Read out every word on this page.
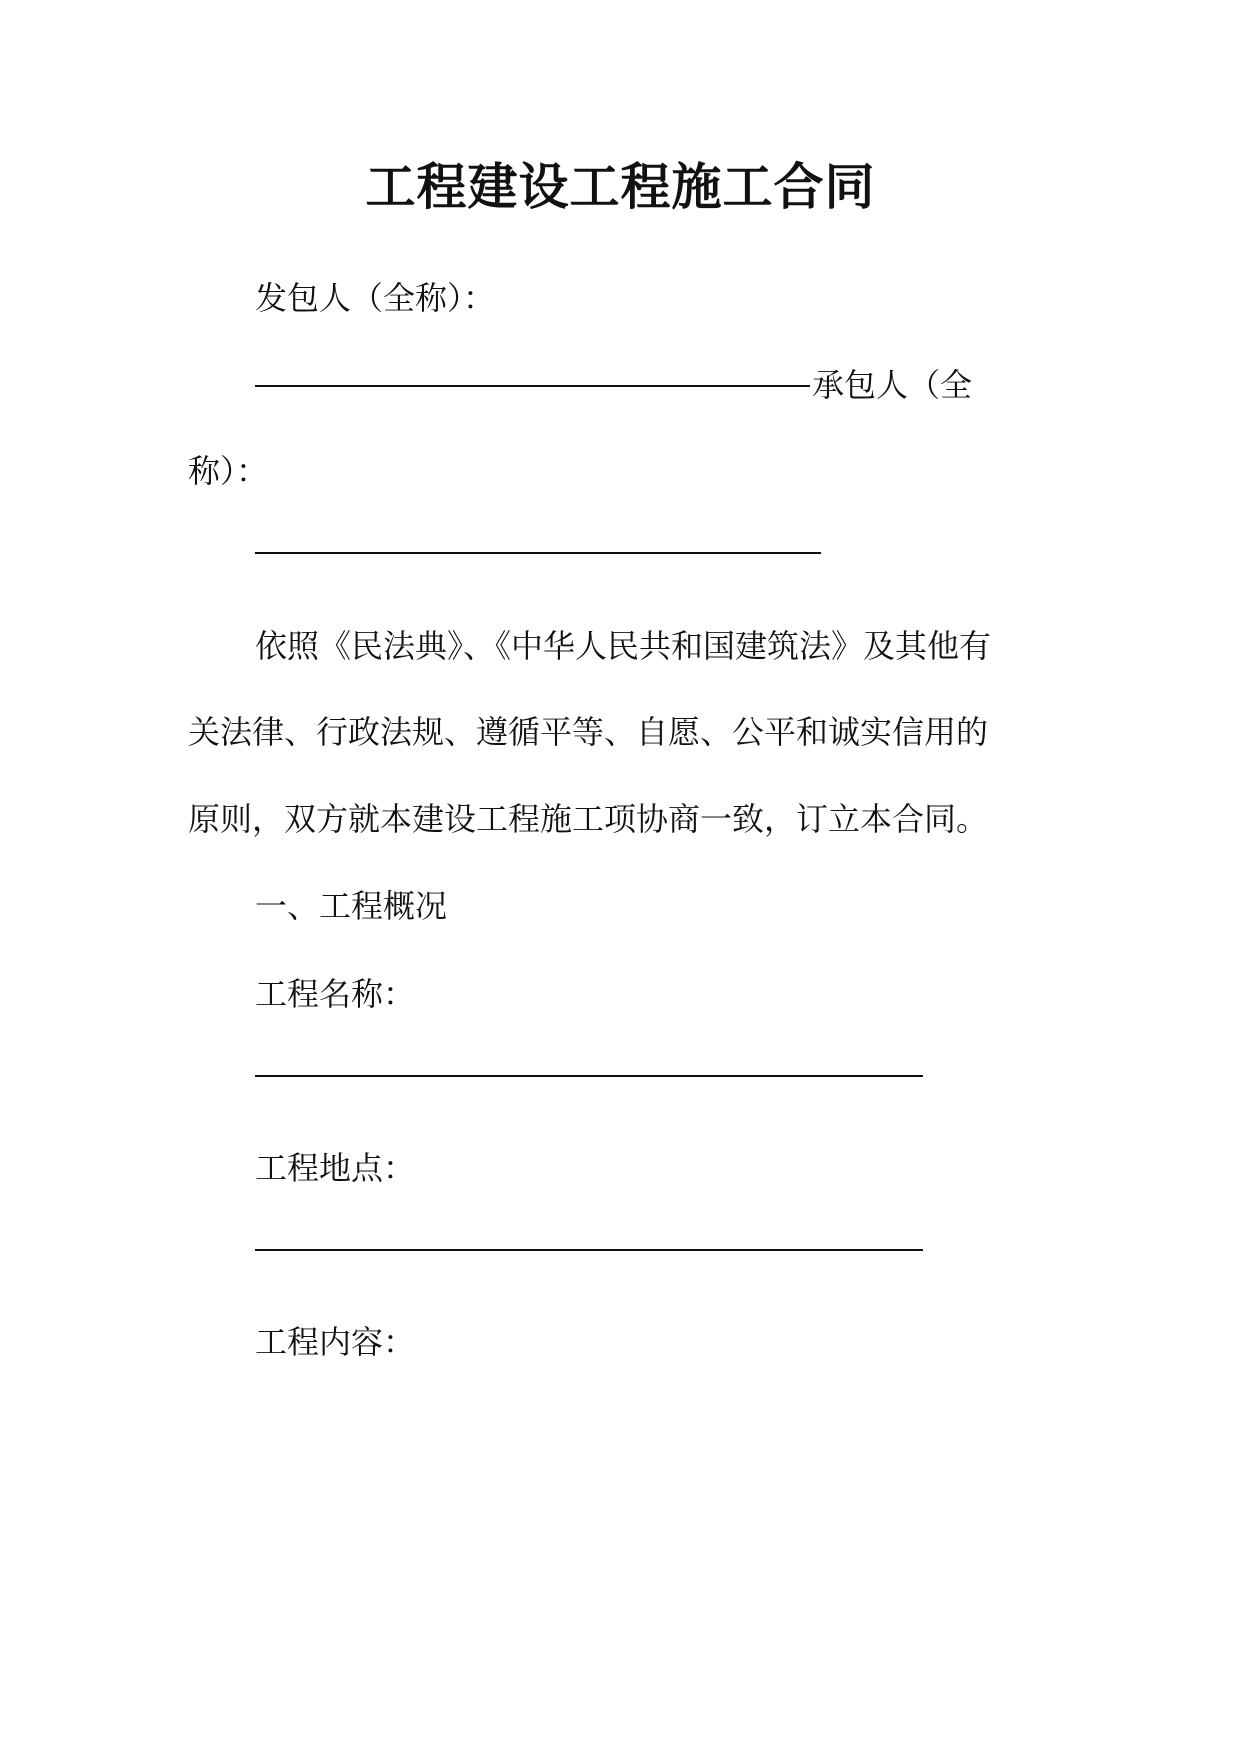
工程建设工程施工合同
发包人（全称）：
承包人（全
称）：
依照《民法典》、《中华人民共和国建筑法》及其他有
关法律、行政法规、遵循平等、自愿、公平和诚实信用的
原则，双方就本建设工程施工项协商一致，订立本合同。
一、工程概况
工程名称：
工程地点：
工程内容：
